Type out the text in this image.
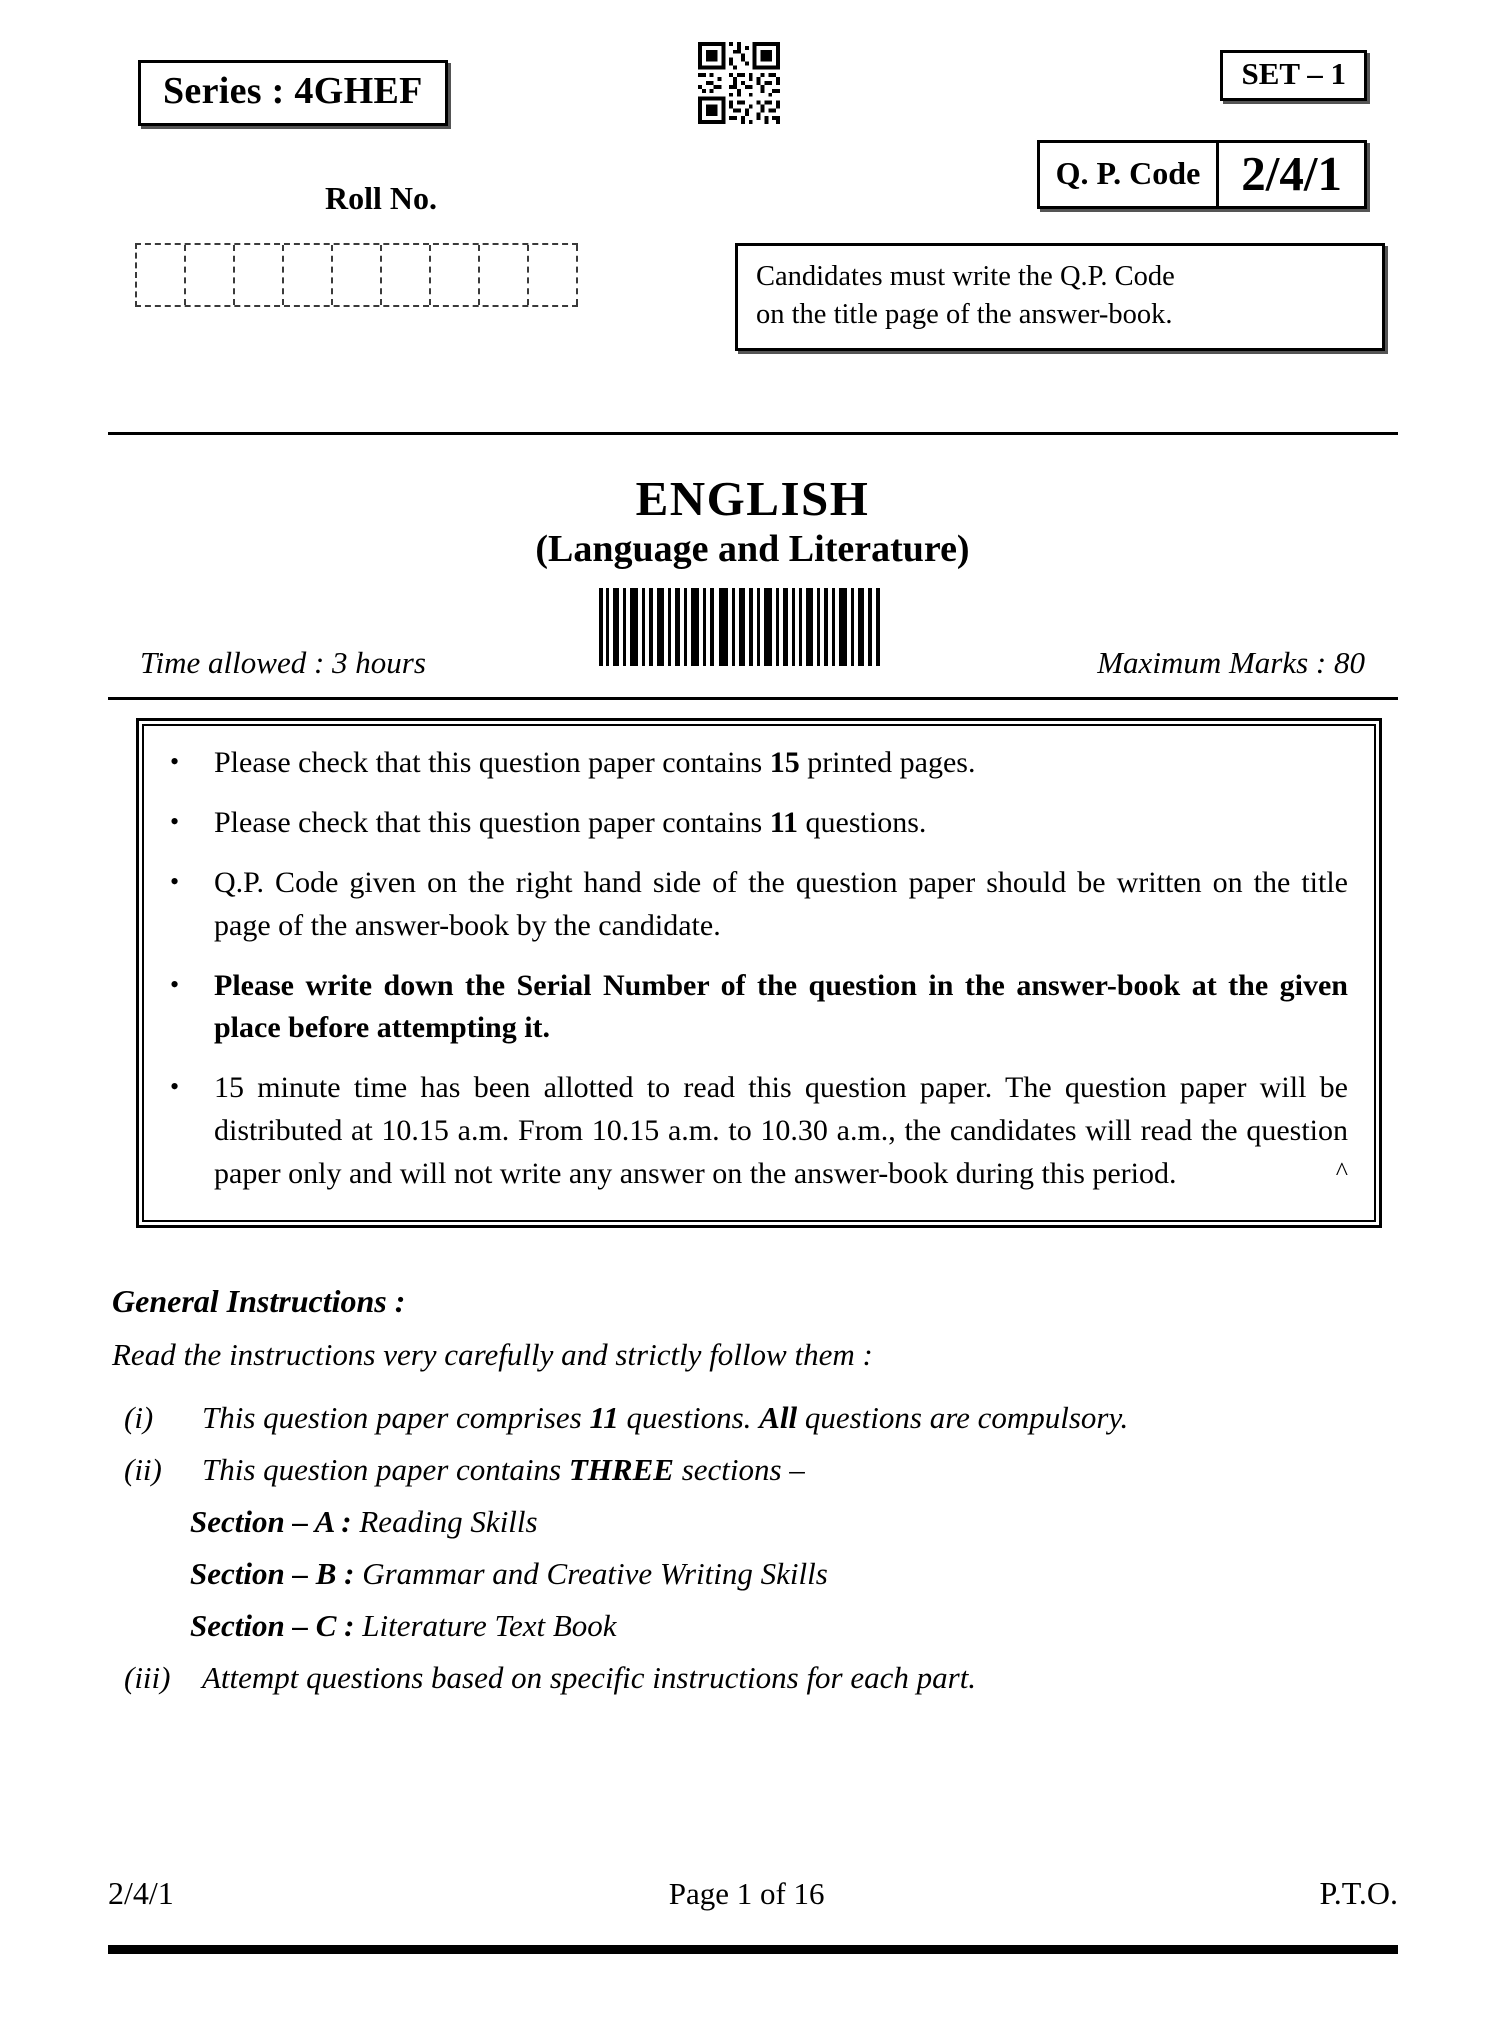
Series : 4GHEF	SET – 1
Q. P. Code 2/4/1
Roll No.
Candidates must write the Q.P. Code
on the title page of the answer-book.
ENGLISH
(Language and Literature)
Time allowed : 3 hours	Maximum Marks : 80
•	Please check that this question paper contains 15 printed pages.
•	Please check that this question paper contains 11 questions.
•	Q.P. Code given on the right hand side of the question paper should be written on the title page of the answer-book by the candidate.
•	Please write down the Serial Number of the question in the answer-book at the given place before attempting it.
•	15 minute time has been allotted to read this question paper. The question paper will be distributed at 10.15 a.m. From 10.15 a.m. to 10.30 a.m., the candidates will read the question paper only and will not write any answer on the answer-book during this period.	^
General Instructions :
Read the instructions very carefully and strictly follow them :
(i)	This question paper comprises 11 questions. All questions are compulsory.
(ii)	This question paper contains THREE sections –
Section – A : Reading Skills
Section – B : Grammar and Creative Writing Skills
Section – C : Literature Text Book
(iii)	Attempt questions based on specific instructions for each part.
2/4/1	Page 1 of 16	P.T.O.
